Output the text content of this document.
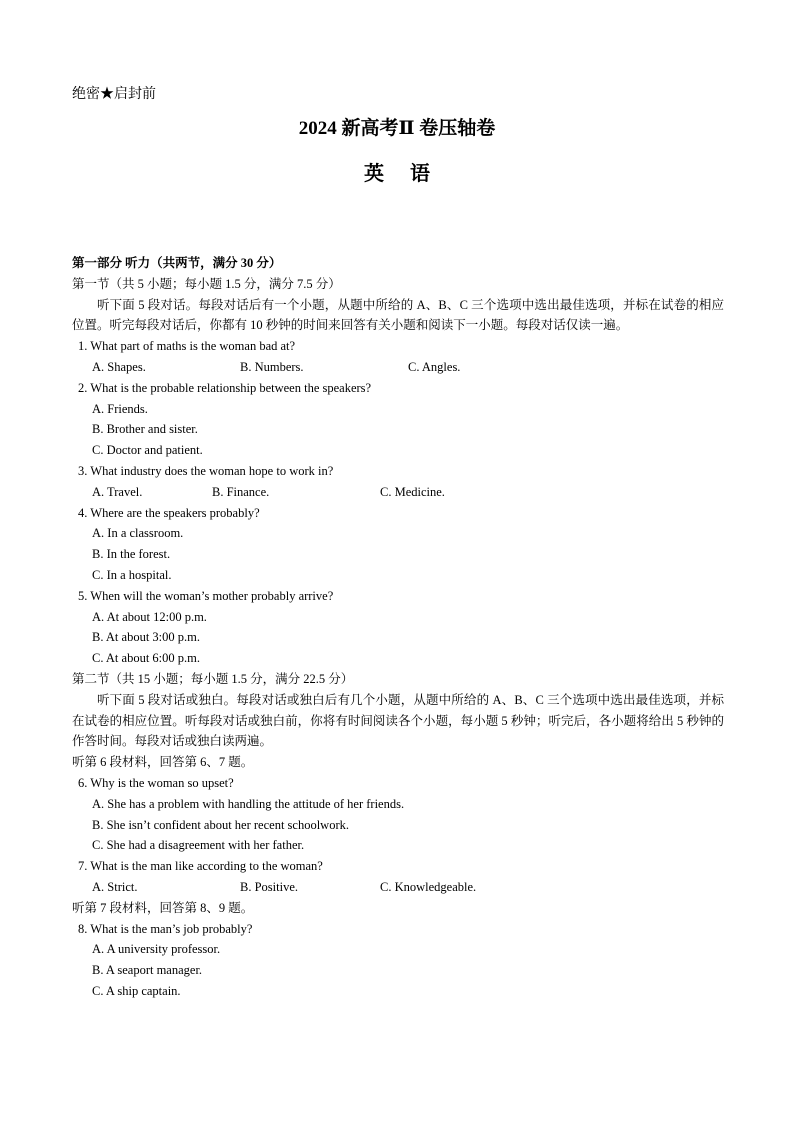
绝密★启封前
2024 新高考Ⅱ 卷压轴卷
英语
第一部分 听力（共两节，满分 30 分）
第一节（共 5 小题；每小题 1.5 分，满分 7.5 分）
听下面 5 段对话。每段对话后有一个小题，从题中所给的 A、B、C 三个选项中选出最佳选项，并标在试卷的相应位置。听完每段对话后，你都有 10 秒钟的时间来回答有关小题和阅读下一小题。每段对话仅读一遍。
1. What part of maths is the woman bad at?
A. Shapes.	B. Numbers.	C. Angles.
2. What is the probable relationship between the speakers?
A. Friends.
B. Brother and sister.
C. Doctor and patient.
3. What industry does the woman hope to work in?
A. Travel.	B. Finance.	C. Medicine.
4. Where are the speakers probably?
A. In a classroom.
B. In the forest.
C. In a hospital.
5. When will the woman’s mother probably arrive?
A. At about 12:00 p.m.
B. At about 3:00 p.m.
C. At about 6:00 p.m.
第二节（共 15 小题；每小题 1.5 分，满分 22.5 分）
听下面 5 段对话或独白。每段对话或独白后有几个小题，从题中所给的 A、B、C 三个选项中选出最佳选项，并标在试卷的相应位置。听每段对话或独白前，你将有时间阅读各个小题，每小题 5 秒钟；听完后，各小题将给出 5 秒钟的作答时间。每段对话或独白读两遍。
听第 6 段材料，回答第 6、7 题。
6. Why is the woman so upset?
A. She has a problem with handling the attitude of her friends.
B. She isn’t confident about her recent schoolwork.
C. She had a disagreement with her father.
7. What is the man like according to the woman?
A. Strict.	B. Positive.	C. Knowledgeable.
听第 7 段材料，回答第 8、9 题。
8. What is the man’s job probably?
A. A university professor.
B. A seaport manager.
C. A ship captain.
